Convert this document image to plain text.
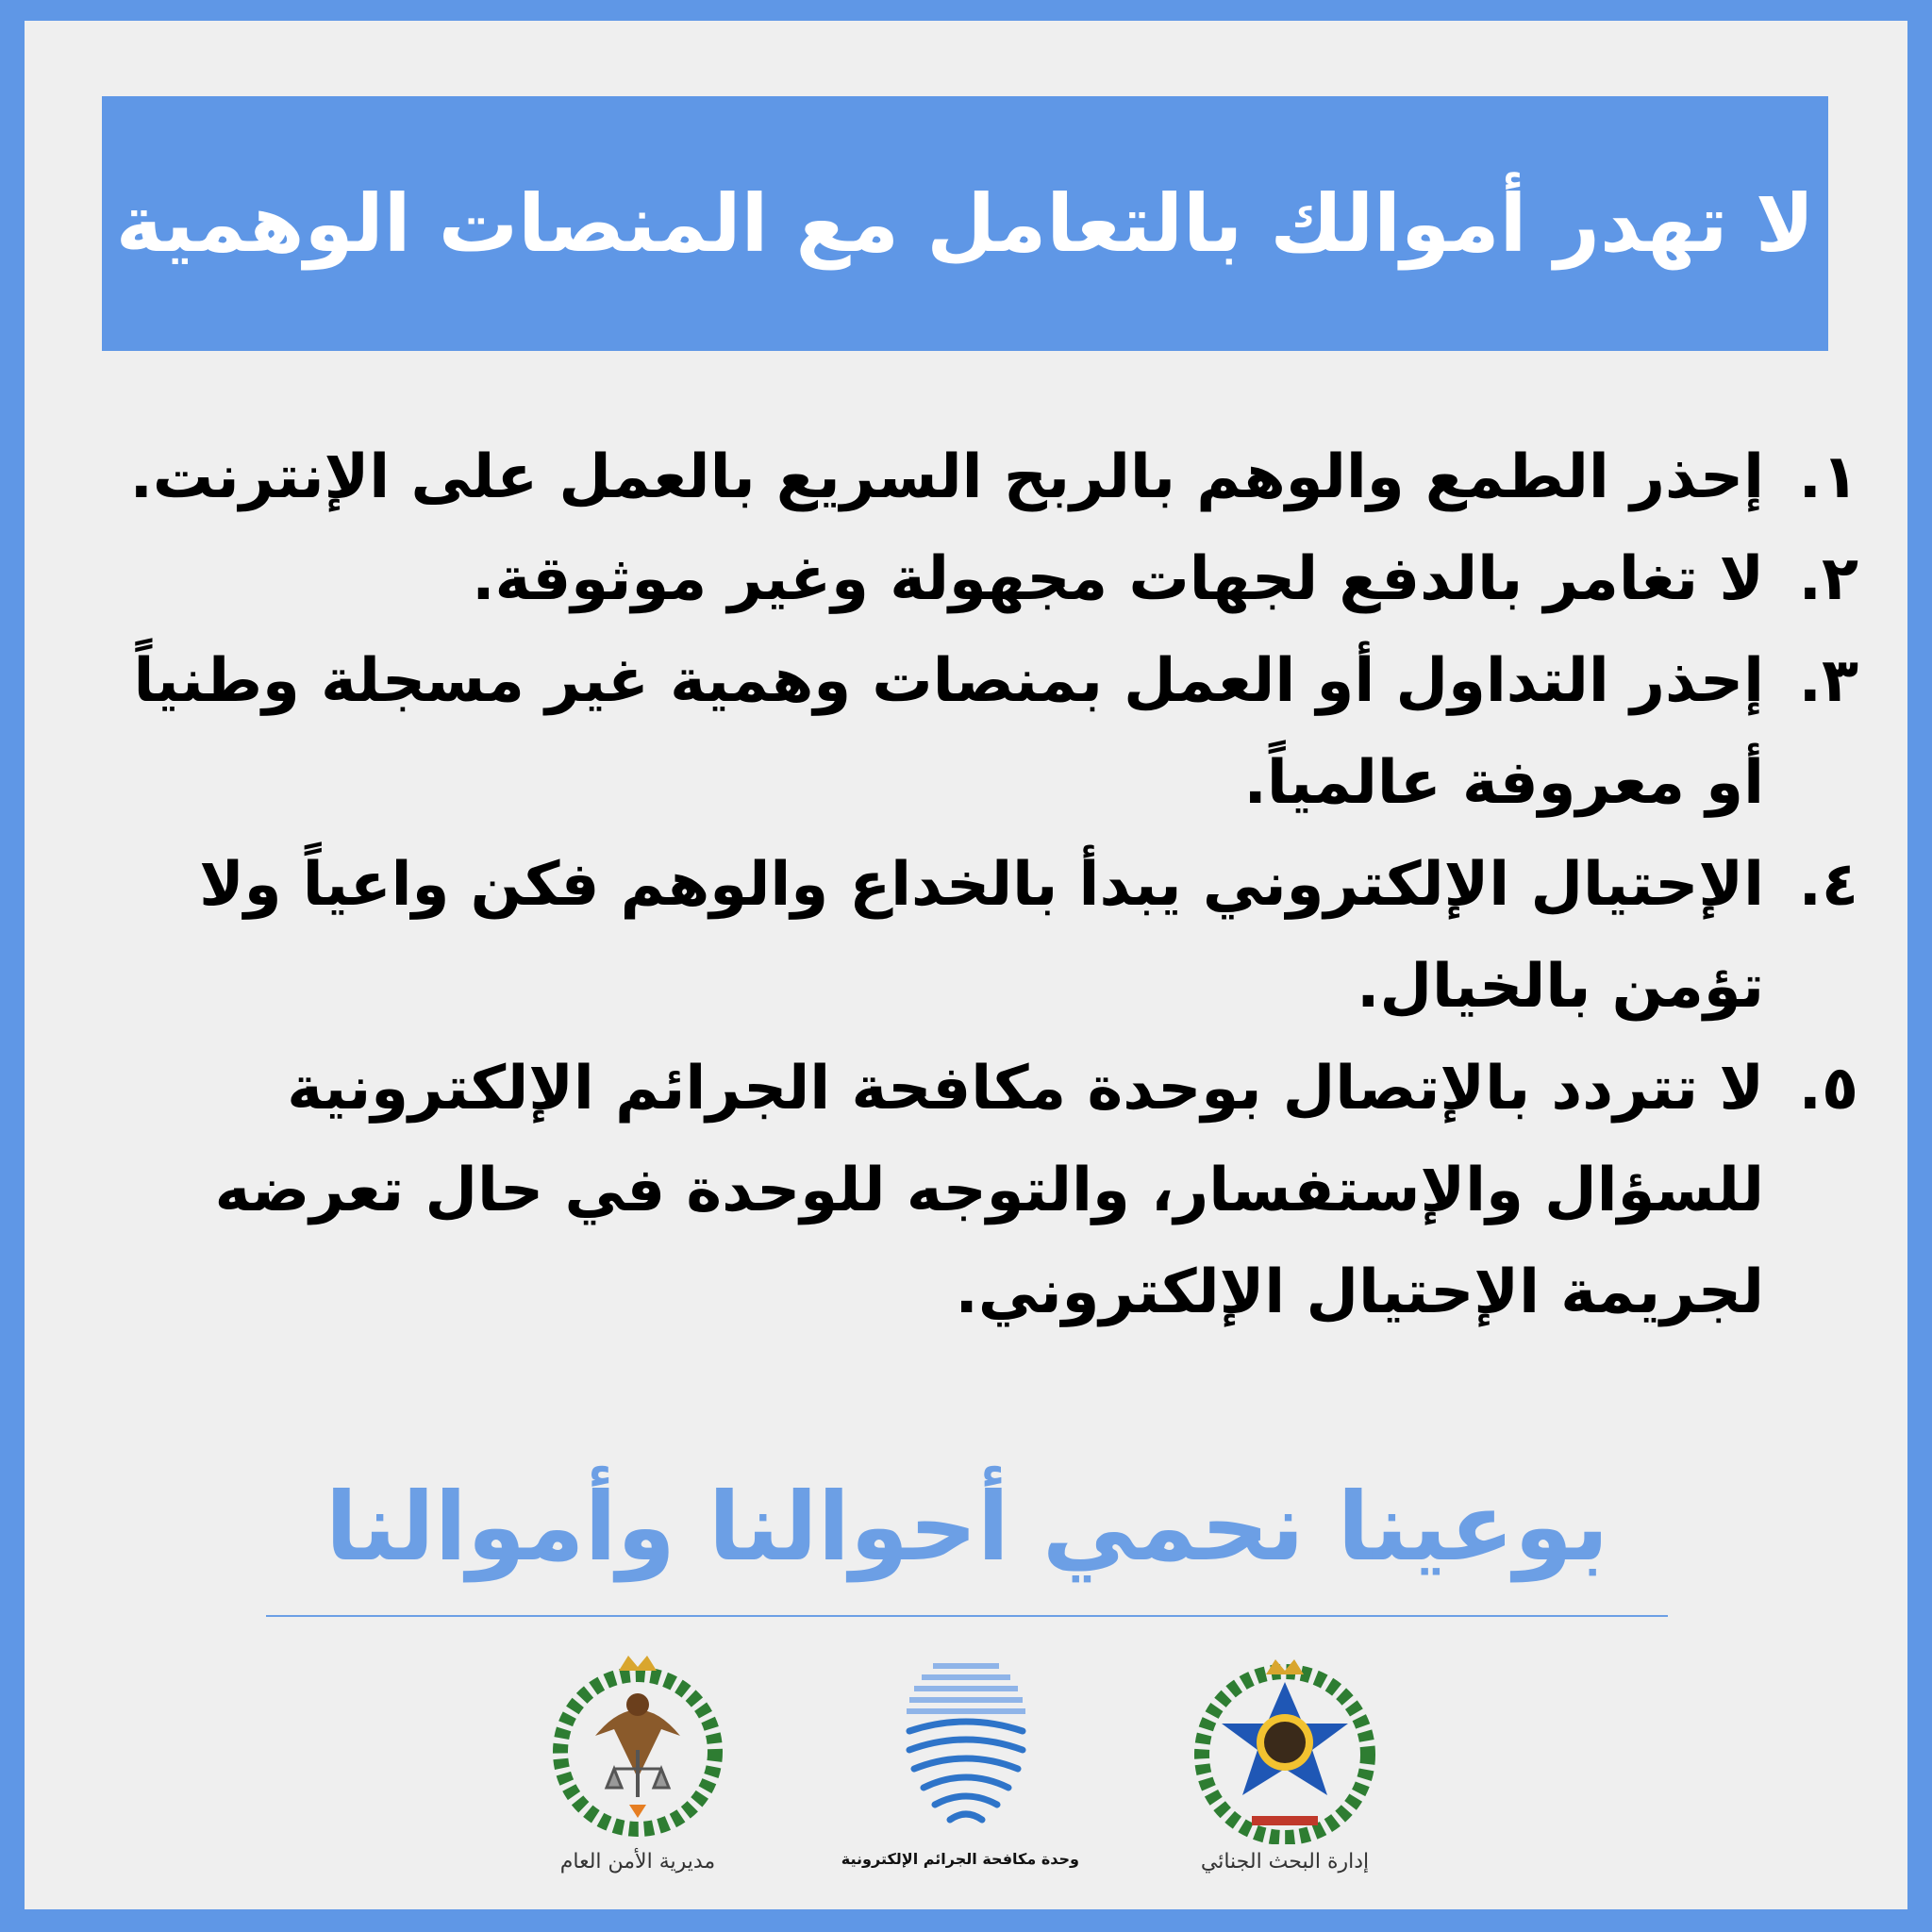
لا تهدر أموالك بالتعامل مع المنصات الوهمية
١.
إحذر الطمع والوهم بالربح السريع بالعمل على الإنترنت.
٢.
لا تغامر بالدفع لجهات مجهولة وغير موثوقة.
٣.
إحذر التداول أو العمل بمنصات وهمية غير مسجلة وطنياً أو معروفة عالمياً.
٤.
الإحتيال الإلكتروني يبدأ بالخداع والوهم فكن واعياً ولا تؤمن بالخيال.
٥.
لا تتردد بالإتصال بوحدة مكافحة الجرائم الإلكترونية للسؤال والإستفسار، والتوجه للوحدة في حال تعرضه لجريمة الإحتيال الإلكتروني.
بوعينا نحمي أحوالنا وأموالنا
إدارة البحث الجنائي
وحدة مكافحة الجرائم الإلكترونية
مديرية الأمن العام
